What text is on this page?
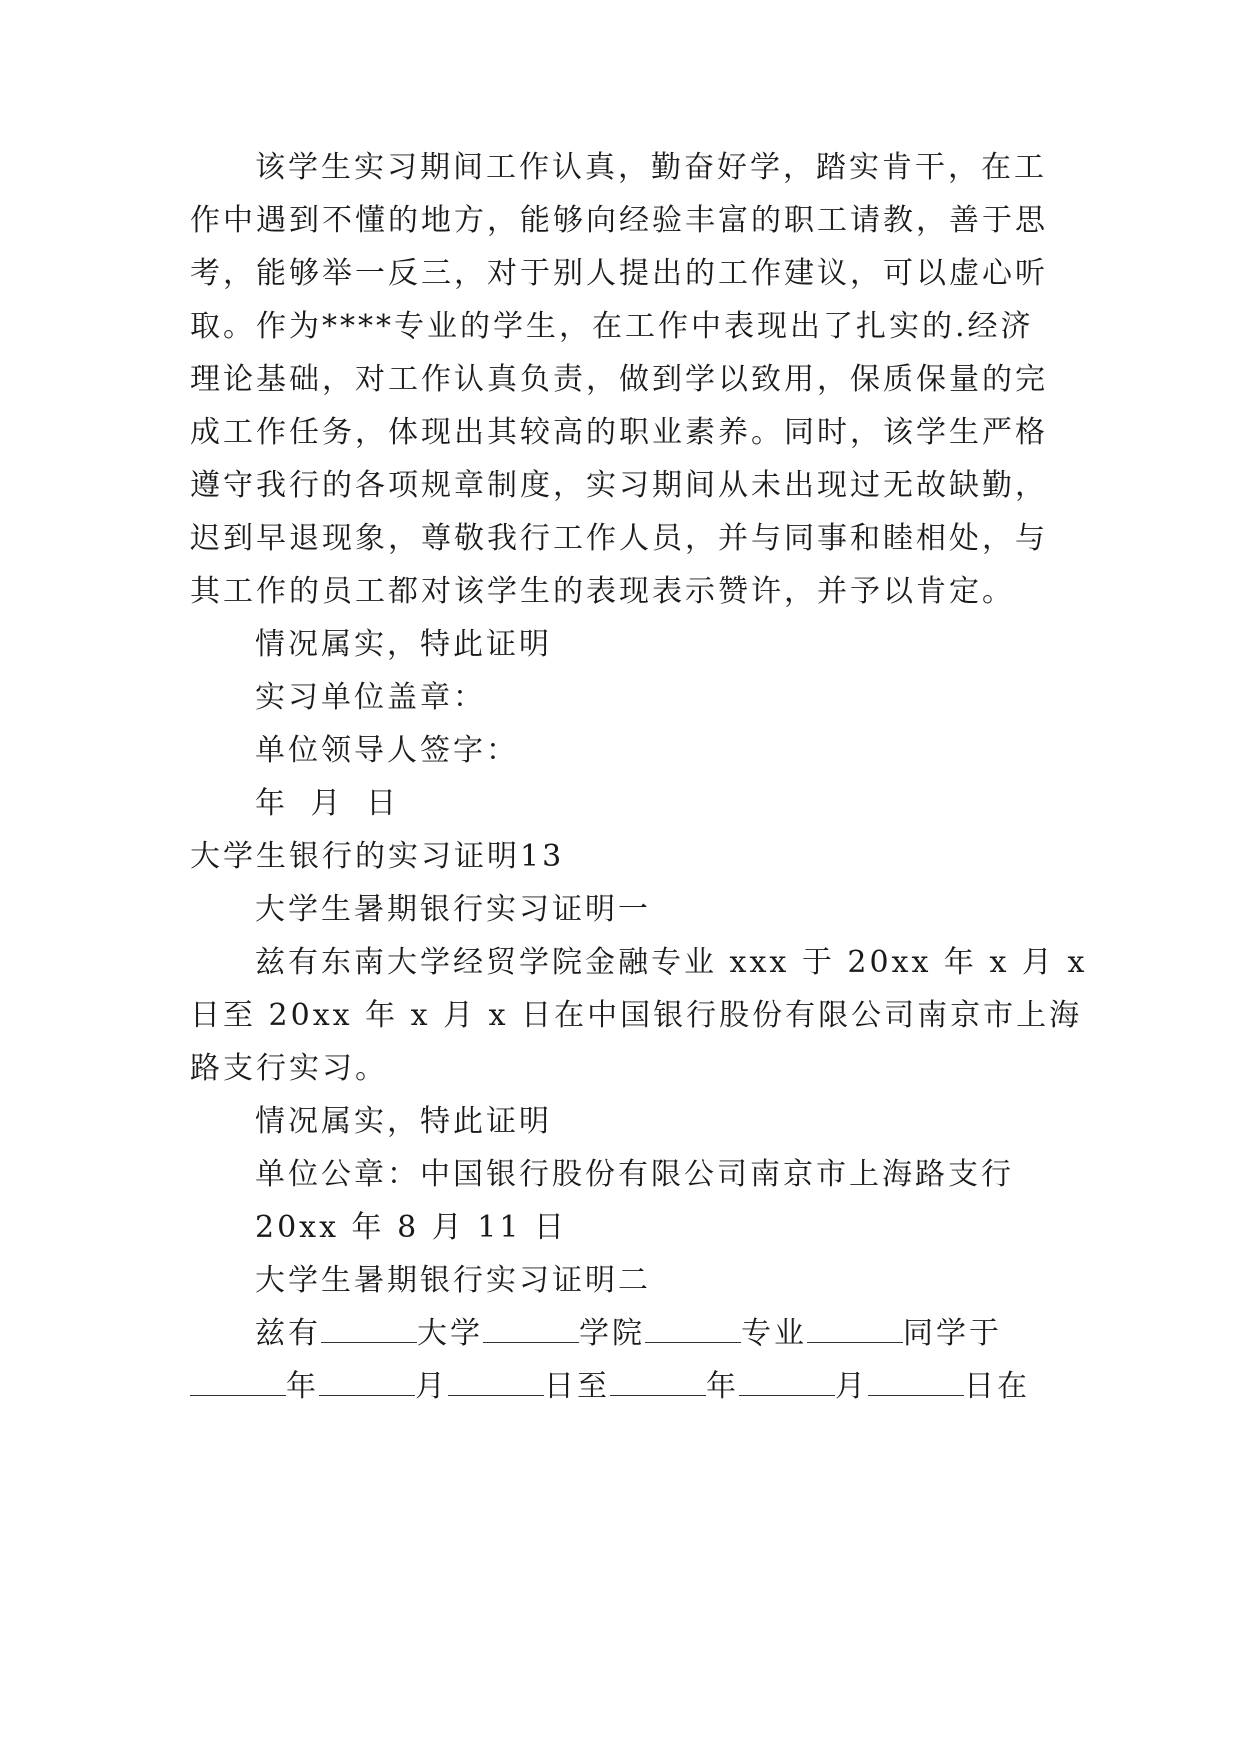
该学生实习期间工作认真，勤奋好学，踏实肯干，在工
作中遇到不懂的地方，能够向经验丰富的职工请教，善于思
考，能够举一反三，对于别人提出的工作建议，可以虚心听
取。作为****专业的学生，在工作中表现出了扎实的.经济
理论基础，对工作认真负责，做到学以致用，保质保量的完
成工作任务，体现出其较高的职业素养。同时，该学生严格
遵守我行的各项规章制度，实习期间从未出现过无故缺勤，
迟到早退现象，尊敬我行工作人员，并与同事和睦相处，与
其工作的员工都对该学生的表现表示赞许，并予以肯定。
情况属实，特此证明
实习单位盖章：
单位领导人签字：
年 月 日
大学生银行的实习证明13
大学生暑期银行实习证明一
兹有东南大学经贸学院金融专业 xxx 于 20xx 年 x 月 x
日至 20xx 年 x 月 x 日在中国银行股份有限公司南京市上海
路支行实习。
情况属实，特此证明
单位公章：中国银行股份有限公司南京市上海路支行
20xx 年 8 月 11 日
大学生暑期银行实习证明二
兹有	大学	学院	专业	同学于
年	月	日至	年	月	日在
